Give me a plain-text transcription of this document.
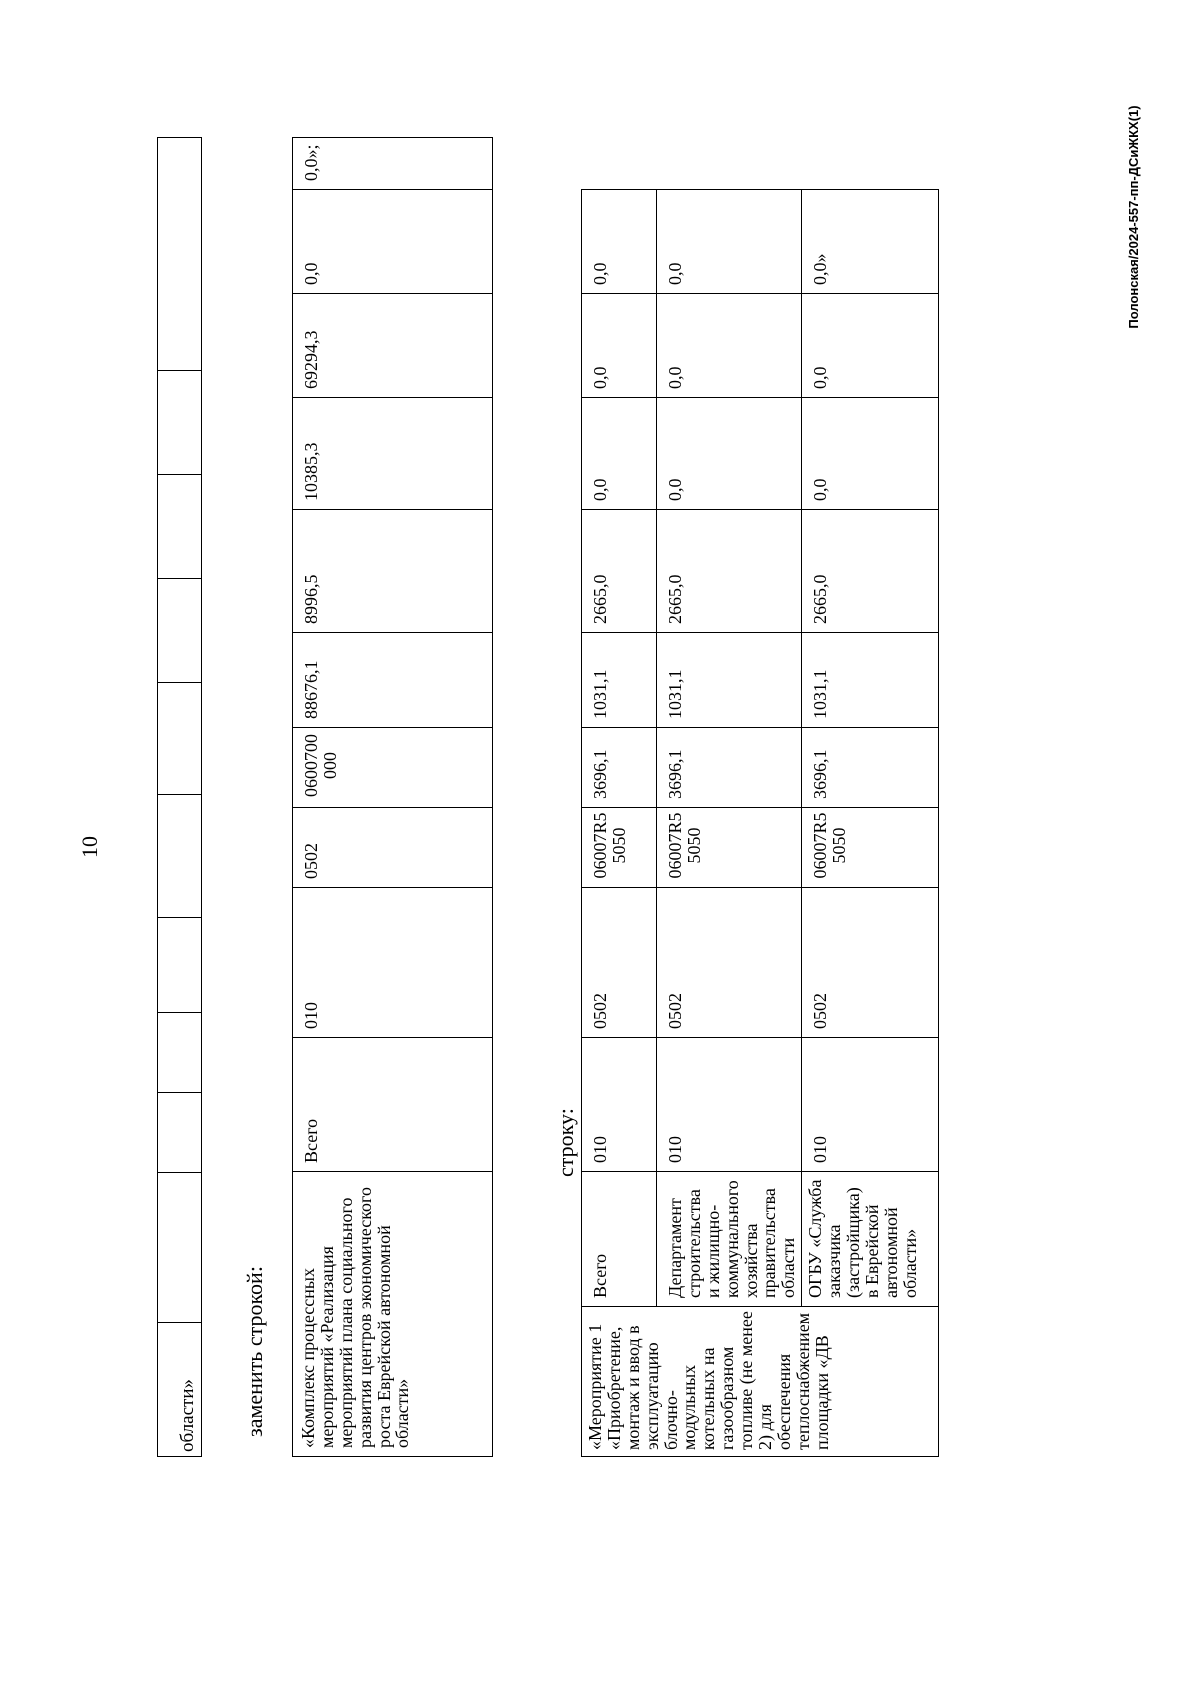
10
области»										заменить строкой: «Комплекс процессных мероприятий «Реализация мероприятий плана социального развития центров экономического роста Еврейской автономной области»	Всего	010	0502	0600700000	88676,1	8996,5	10385,3	69294,3	0,0	0,0»;
строку:
«Мероприятие 1 «Приобретение, монтаж и ввод в эксплуатацию блочно-модульных котельных на газообразном топливе (не менее 2) для обеспечения теплоснабжением площадки «ДВ	Всего	010	0502	06007R55050	3696,1	1031,1	2665,0	0,0	0,0	0,0
	Департамент строительства и жилищно-коммунального хозяйства правительства области	010	0502	06007R55050	3696,1	1031,1	2665,0	0,0	0,0	0,0
	ОГБУ «Служба заказчика (застройщика) в Еврейской автономной области»	010	0502	06007R55050	3696,1	1031,1	2665,0	0,0	0,0	0,0»	Полонская/2024-557-пп-ДСиЖКХ(1)
